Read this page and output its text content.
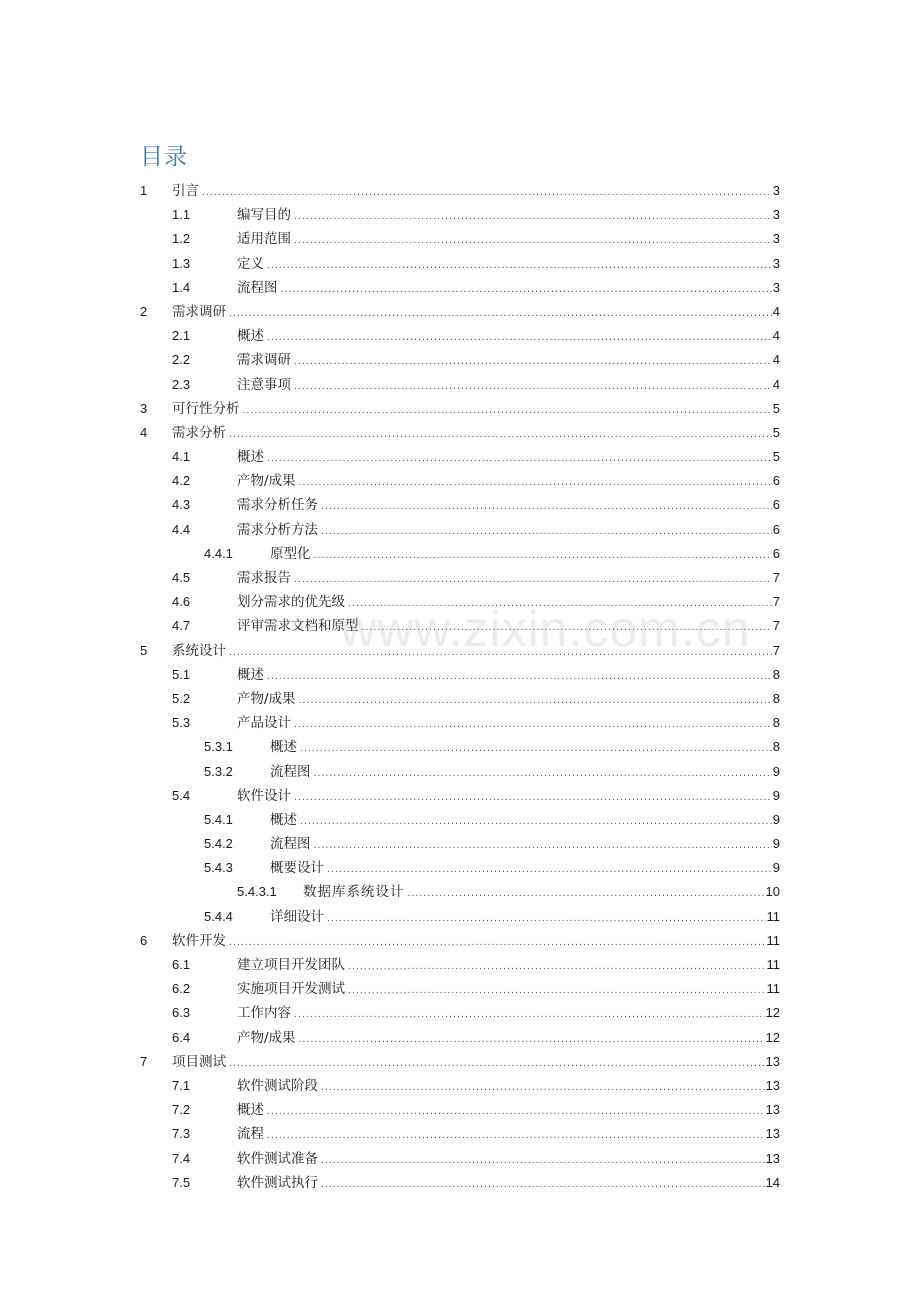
目录
1 引言 .....	3
1.1	编写目的 .....	3
1.2	适用范围 .....	3
1.3	定义 .....	3
1.4	流程图 .....	3
2 需求调研 .....	4
2.1	概述 .....	4
2.2	需求调研 .....	4
2.3	注意事项 .....	4
3 可行性分析 .....	5
4 需求分析 .....	5
4.1	概述 .....	5
4.2	产物/成果 .....	6
4.3	需求分析任务 .....	6
4.4	需求分析方法 .....	6
4.4.1	原型化 .....	6
4.5	需求报告 .....	7
4.6	划分需求的优先级 .....	7
4.7	评审需求文档和原型 .....	7
5 系统设计 .....	7
5.1	概述 .....	8
5.2	产物/成果 .....	8
5.3	产品设计 .....	8
5.3.1	概述 .....	8
5.3.2	流程图 .....	9
5.4	软件设计 .....	9
5.4.1	概述 .....	9
5.4.2	流程图 .....	9
5.4.3	概要设计 .....	9
5.4.3.1 数据库系统设计 .....	10
5.4.4	详细设计 .....	11
6 软件开发 .....	11
6.1	建立项目开发团队 .....	11
6.2	实施项目开发测试 .....	11
6.3	工作内容 .....	12
6.4	产物/成果 .....	12
7 项目测试 .....	13
7.1	软件测试阶段 .....	13
7.2	概述 .....	13
7.3	流程 .....	13
7.4	软件测试准备 .....	13
7.5	软件测试执行 .....	14
www.zixin.com.cn
